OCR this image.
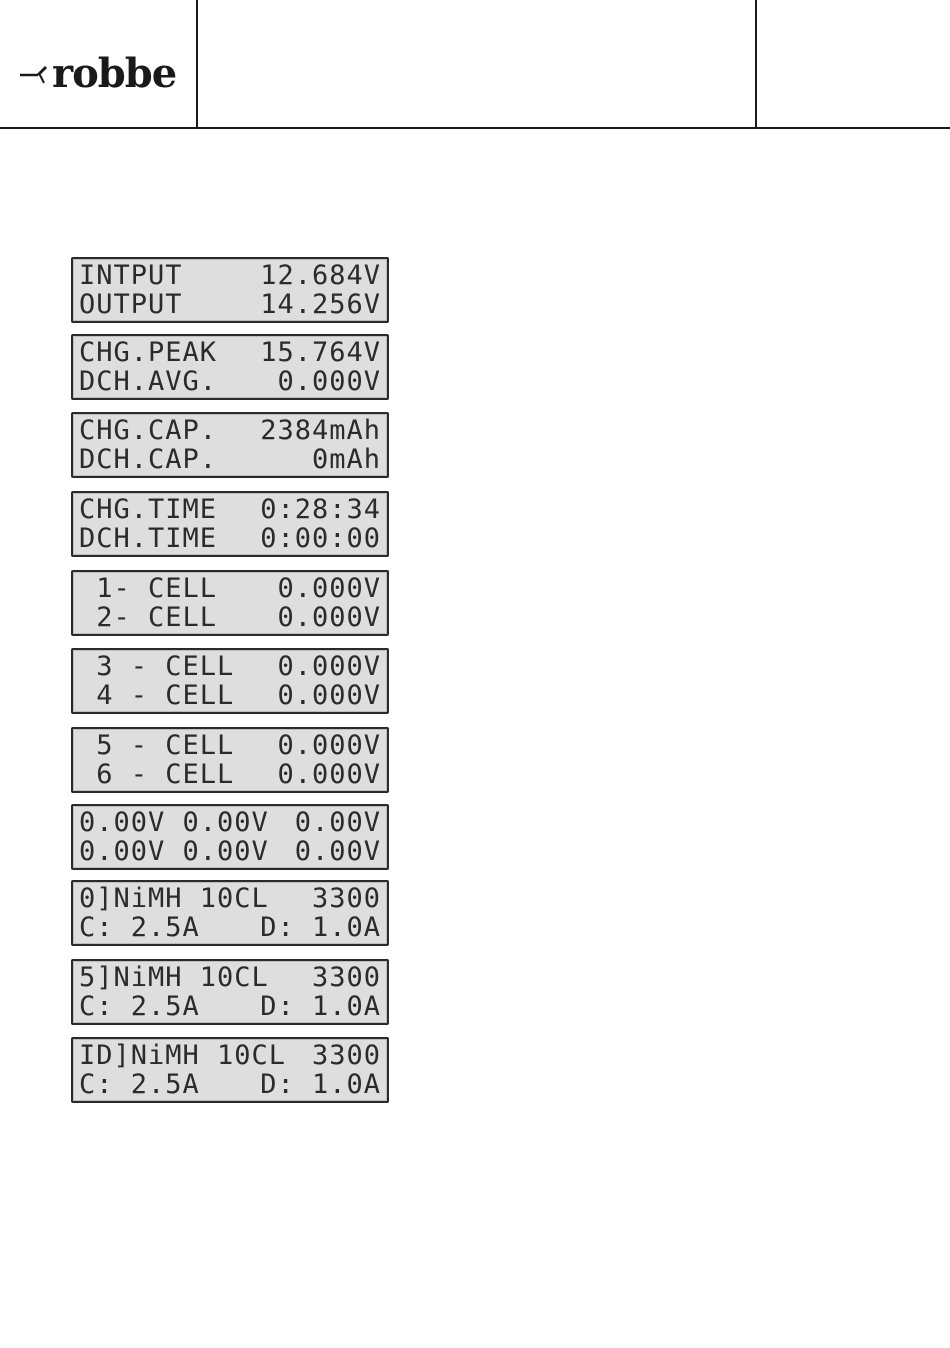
robbe
INTPUT	12.684V
OUTPUT	14.256V
CHG.PEAK 15.764V
DCH.AVG. 0.000V
CHG.CAP. 2384mAh
DCH.CAP.	0mAh
CHG.TIME 0:28:34
DCH.TIME 0:00:00
1- CELL 0.000V
2- CELL 0.000V
3 - CELL 0.000V
4 - CELL 0.000V
5 - CELL 0.000V
6 - CELL 0.000V
0.00V 0.00V 0.00V
0.00V 0.00V 0.00V
0]NiMH 10CL 3300
C: 2.5A D: 1.0A
5]NiMH 10CL 3300
C: 2.5A D: 1.0A
ID]NiMH 10CL 3300
C: 2.5A D: 1.0A
